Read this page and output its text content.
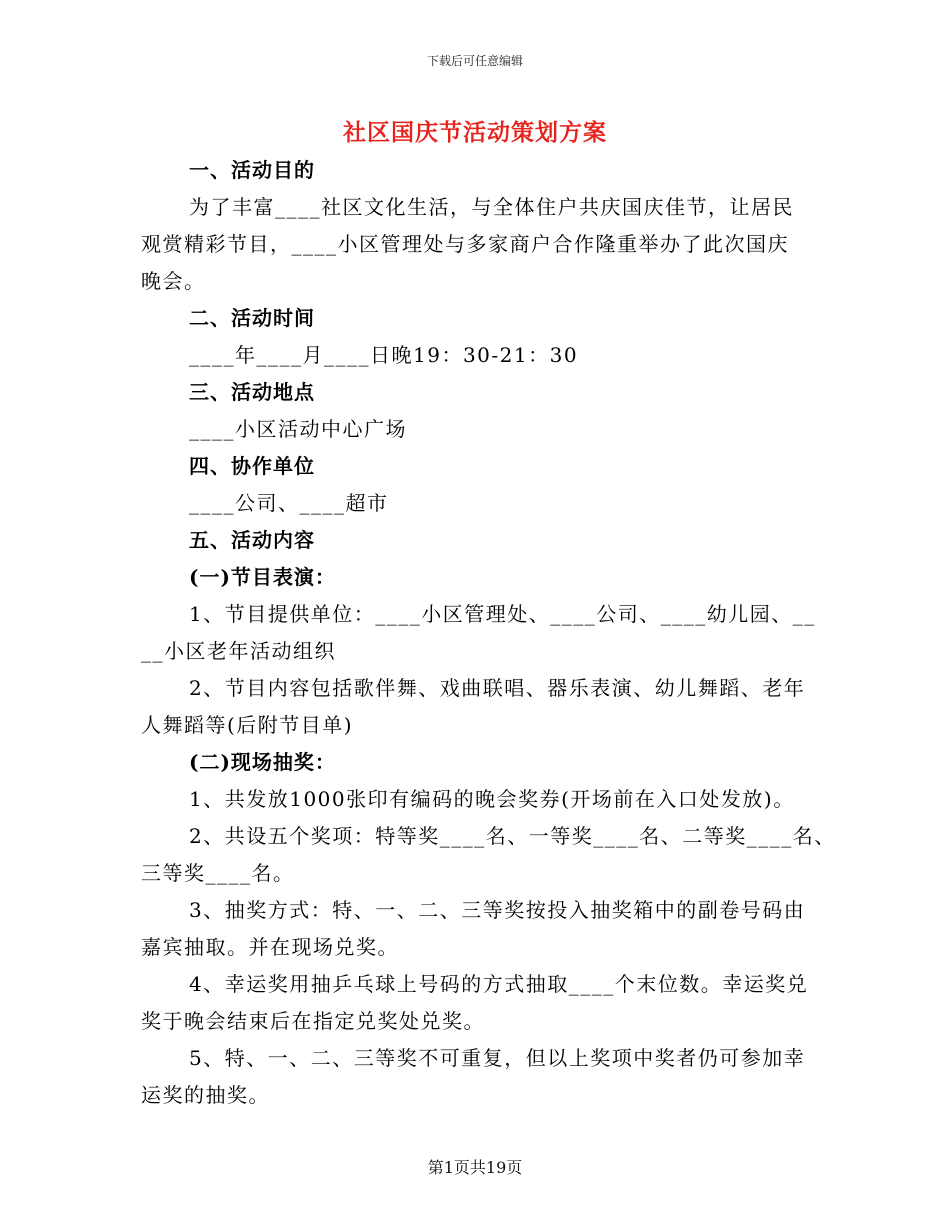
下载后可任意编辑
社区国庆节活动策划方案
一、活动目的
为了丰富____社区文化生活，与全体住户共庆国庆佳节，让居民
观赏精彩节目，____小区管理处与多家商户合作隆重举办了此次国庆
晚会。
二、活动时间
____年____月____日晚19：30-21：30
三、活动地点
____小区活动中心广场
四、协作单位
____公司、____超市
五、活动内容
(一)节目表演：
1、节目提供单位：____小区管理处、____公司、____幼儿园、__
__小区老年活动组织
2、节目内容包括歌伴舞、戏曲联唱、器乐表演、幼儿舞蹈、老年
人舞蹈等(后附节目单)
(二)现场抽奖：
1、共发放1000张印有编码的晚会奖券(开场前在入口处发放)。
2、共设五个奖项：特等奖____名、一等奖____名、二等奖____名、
三等奖____名。
3、抽奖方式：特、一、二、三等奖按投入抽奖箱中的副卷号码由
嘉宾抽取。并在现场兑奖。
4、幸运奖用抽乒乓球上号码的方式抽取____个末位数。幸运奖兑
奖于晚会结束后在指定兑奖处兑奖。
5、特、一、二、三等奖不可重复，但以上奖项中奖者仍可参加幸
运奖的抽奖。
第1页共19页
